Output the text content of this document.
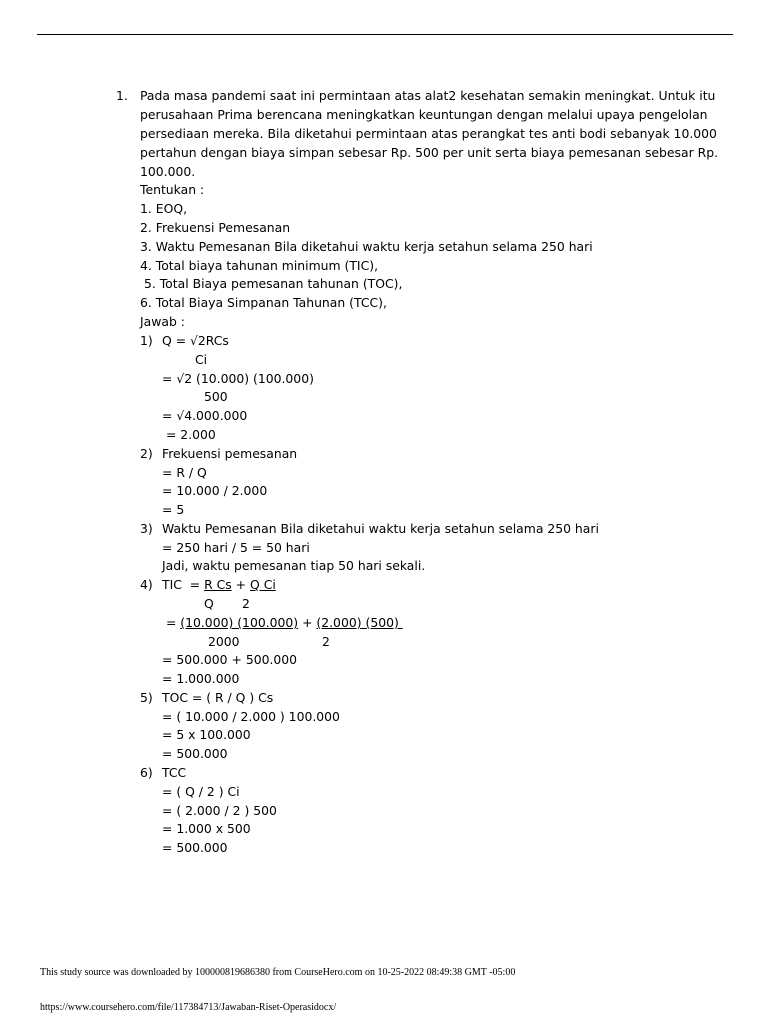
1. Pada masa pandemi saat ini permintaan atas alat2 kesehatan semakin meningkat. Untuk itu
perusahaan Prima berencana meningkatkan keuntungan dengan melalui upaya pengelolan
persediaan mereka. Bila diketahui permintaan atas perangkat tes anti bodi sebanyak 10.000
pertahun dengan biaya simpan sebesar Rp. 500 per unit serta biaya pemesanan sebesar Rp.
100.000.
Tentukan :
1. EOQ,
2. Frekuensi Pemesanan
3. Waktu Pemesanan Bila diketahui waktu kerja setahun selama 250 hari
4. Total biaya tahunan minimum (TIC),
5. Total Biaya pemesanan tahunan (TOC),
6. Total Biaya Simpanan Tahunan (TCC),
Jawab :
1) Q = √2RCs
Ci
= √2 (10.000) (100.000)
500
= √4.000.000
= 2.000
2) Frekuensi pemesanan
= R / Q
= 10.000 / 2.000
= 5
3) Waktu Pemesanan Bila diketahui waktu kerja setahun selama 250 hari
= 250 hari / 5 = 50 hari
Jadi, waktu pemesanan tiap 50 hari sekali.
4) TIC  = R Cs + Q Ci
Q 2
= (10.000) (100.000) + (2.000) (500)
2000	2
= 500.000 + 500.000
= 1.000.000
5) TOC = ( R / Q ) Cs
= ( 10.000 / 2.000 ) 100.000
= 5 x 100.000
= 500.000
6) TCC
= ( Q / 2 ) Ci
= ( 2.000 / 2 ) 500
= 1.000 x 500
= 500.000
This study source was downloaded by 100000819686380 from CourseHero.com on 10-25-2022 08:49:38 GMT -05:00
https://www.coursehero.com/file/117384713/Jawaban-Riset-Operasidocx/
